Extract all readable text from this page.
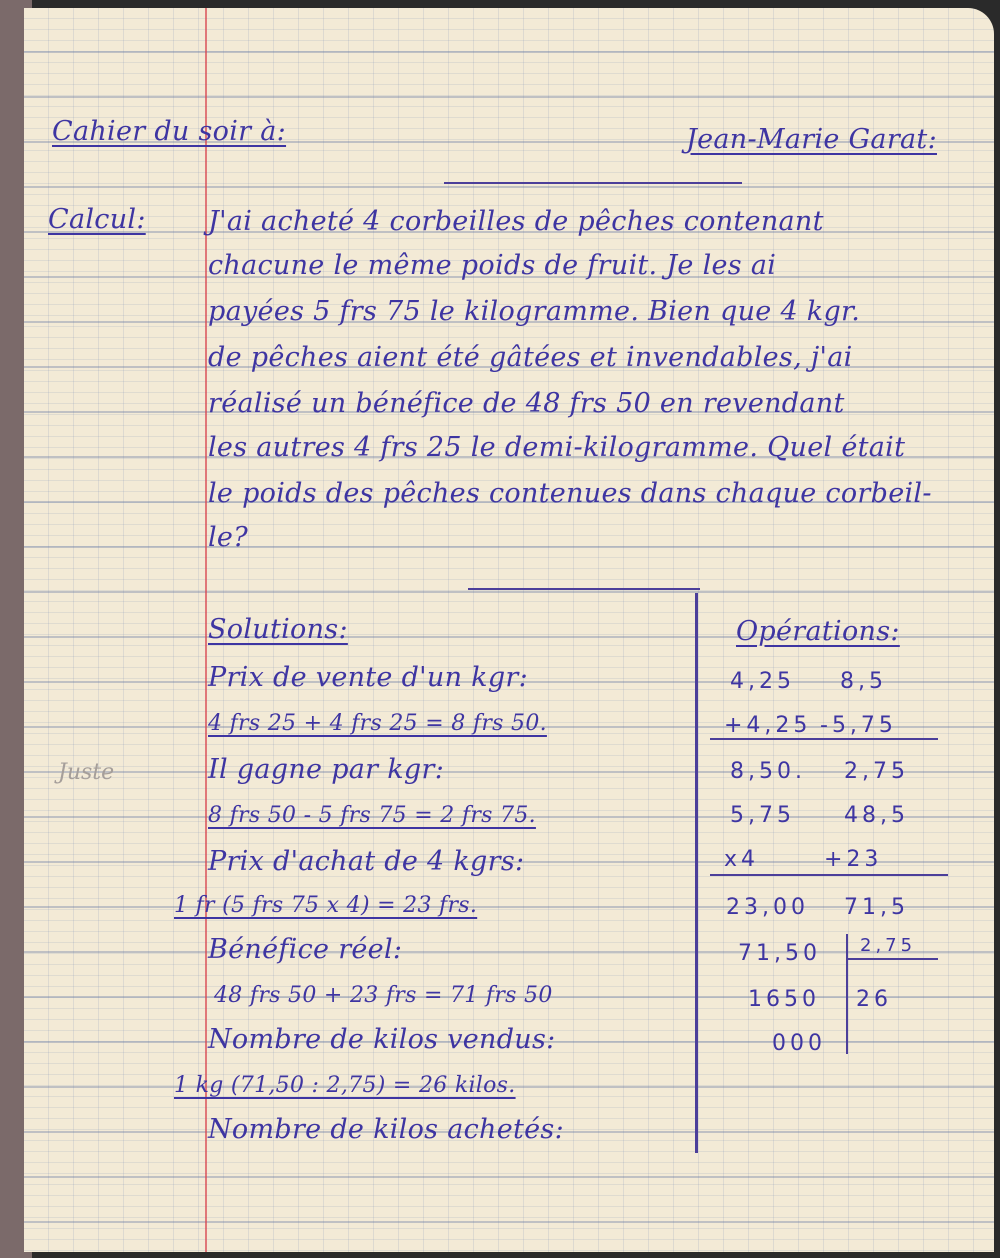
Cahier du soir à:	Jean-Marie Garat:
Calcul: J'ai acheté 4 corbeilles de pêches contenant
chacune le même poids de fruit. Je les ai
payées 5 frs 75 le kilogramme. Bien que 4 kgr.
de pêches aient été gâtées et invendables, j'ai
réalisé un bénéfice de 48 frs 50 en revendant
les autres 4 frs 25 le demi-kilogramme. Quel était
le poids des pêches contenues dans chaque corbeil-
le?
Juste
Solutions:
Prix de vente d'un kgr:
4 frs 25 + 4 frs 25 = 8 frs 50.
Il gagne par kgr:
8 frs 50 - 5 frs 75 = 2 frs 75.
Prix d'achat de 4 kgrs:
1 fr (5 frs 75 x 4) = 23 frs.
Bénéfice réel:
48 frs 50 + 23 frs = 71 frs 50
Nombre de kilos vendus:
1 kg (71,50 : 2,75) = 26 kilos.
Nombre de kilos achetés:
Opérations:
4,25 8,5
+4,25 -5,75
8,50. 2,75
5,75 48,5
x4	+23
23,00 71,5
71,50 2,75
1650 26
000
